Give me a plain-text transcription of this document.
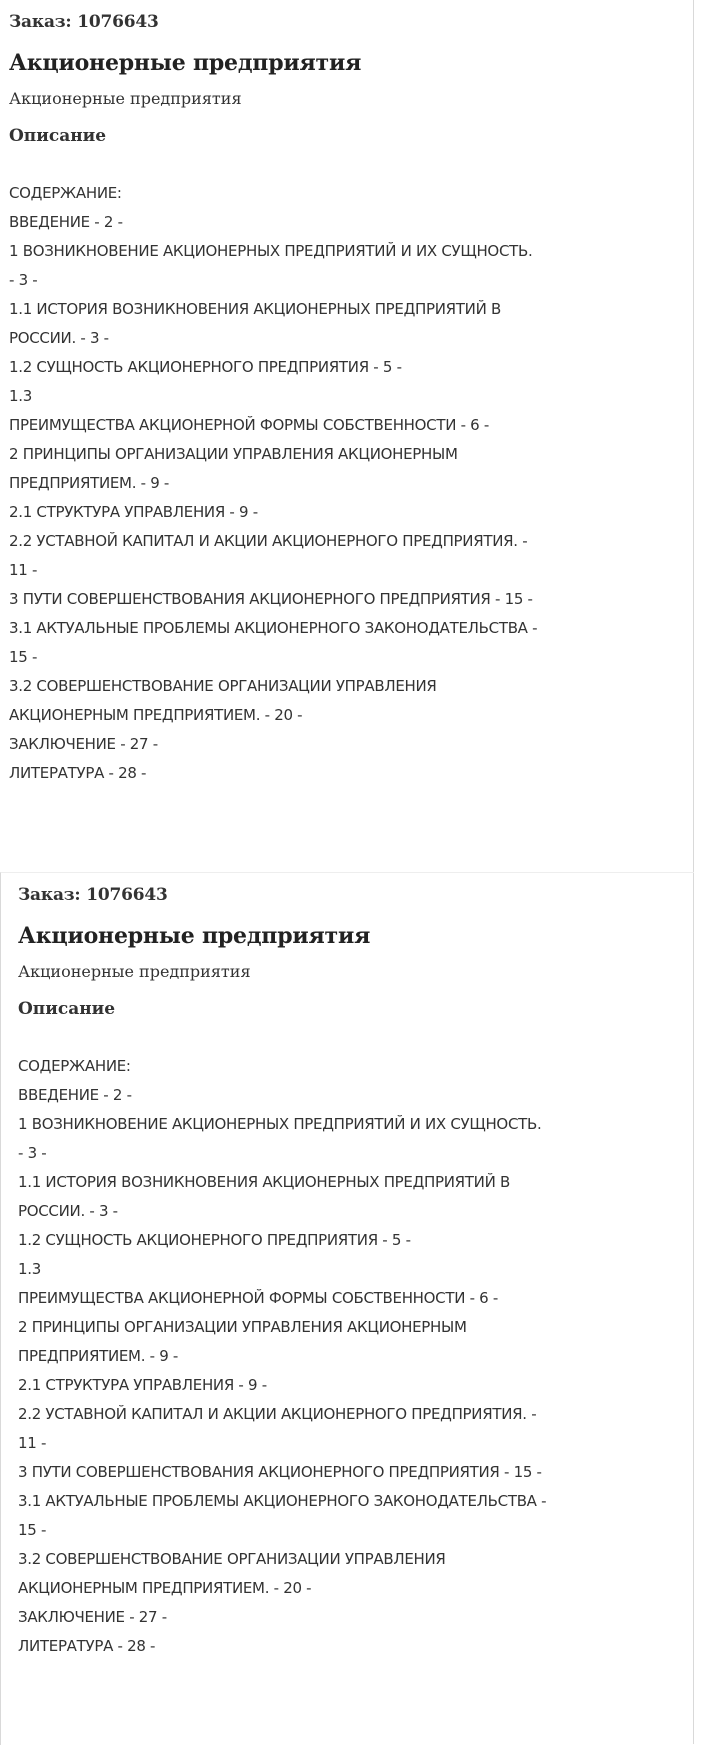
Заказ: 1076643

Акционерные предприятия

Акционерные предприятия

Описание
СОДЕРЖАНИЕ:
ВВЕДЕНИЕ - 2 -
1 ВОЗНИКНОВЕНИЕ АКЦИОНЕРНЫХ ПРЕДПРИЯТИЙ И ИХ СУЩНОСТЬ.
- 3 -
1.1 ИСТОРИЯ ВОЗНИКНОВЕНИЯ АКЦИОНЕРНЫХ ПРЕДПРИЯТИЙ В
РОССИИ. - 3 -
1.2 СУЩНОСТЬ АКЦИОНЕРНОГО ПРЕДПРИЯТИЯ - 5 -
1.3
ПРЕИМУЩЕСТВА АКЦИОНЕРНОЙ ФОРМЫ СОБСТВЕННОСТИ - 6 -
2 ПРИНЦИПЫ ОРГАНИЗАЦИИ УПРАВЛЕНИЯ АКЦИОНЕРНЫМ
ПРЕДПРИЯТИЕМ. - 9 -
2.1 СТРУКТУРА УПРАВЛЕНИЯ - 9 -
2.2 УСТАВНОЙ КАПИТАЛ И АКЦИИ АКЦИОНЕРНОГО ПРЕДПРИЯТИЯ. -
11 -
3 ПУТИ СОВЕРШЕНСТВОВАНИЯ АКЦИОНЕРНОГО ПРЕДПРИЯТИЯ - 15 -
3.1 АКТУАЛЬНЫЕ ПРОБЛЕМЫ АКЦИОНЕРНОГО ЗАКОНОДАТЕЛЬСТВА -
15 -
3.2 СОВЕРШЕНСТВОВАНИЕ ОРГАНИЗАЦИИ УПРАВЛЕНИЯ
АКЦИОНЕРНЫМ ПРЕДПРИЯТИЕМ. - 20 -
ЗАКЛЮЧЕНИЕ - 27 -
ЛИТЕРАТУРА - 28 -

Заказ: 1076643

Акционерные предприятия

Акционерные предприятия

Описание
СОДЕРЖАНИЕ:
ВВЕДЕНИЕ - 2 -
1 ВОЗНИКНОВЕНИЕ АКЦИОНЕРНЫХ ПРЕДПРИЯТИЙ И ИХ СУЩНОСТЬ.
- 3 -
1.1 ИСТОРИЯ ВОЗНИКНОВЕНИЯ АКЦИОНЕРНЫХ ПРЕДПРИЯТИЙ В
РОССИИ. - 3 -
1.2 СУЩНОСТЬ АКЦИОНЕРНОГО ПРЕДПРИЯТИЯ - 5 -
1.3
ПРЕИМУЩЕСТВА АКЦИОНЕРНОЙ ФОРМЫ СОБСТВЕННОСТИ - 6 -
2 ПРИНЦИПЫ ОРГАНИЗАЦИИ УПРАВЛЕНИЯ АКЦИОНЕРНЫМ
ПРЕДПРИЯТИЕМ. - 9 -
2.1 СТРУКТУРА УПРАВЛЕНИЯ - 9 -
2.2 УСТАВНОЙ КАПИТАЛ И АКЦИИ АКЦИОНЕРНОГО ПРЕДПРИЯТИЯ. -
11 -
3 ПУТИ СОВЕРШЕНСТВОВАНИЯ АКЦИОНЕРНОГО ПРЕДПРИЯТИЯ - 15 -
3.1 АКТУАЛЬНЫЕ ПРОБЛЕМЫ АКЦИОНЕРНОГО ЗАКОНОДАТЕЛЬСТВА -
15 -
3.2 СОВЕРШЕНСТВОВАНИЕ ОРГАНИЗАЦИИ УПРАВЛЕНИЯ
АКЦИОНЕРНЫМ ПРЕДПРИЯТИЕМ. - 20 -
ЗАКЛЮЧЕНИЕ - 27 -
ЛИТЕРАТУРА - 28 -
